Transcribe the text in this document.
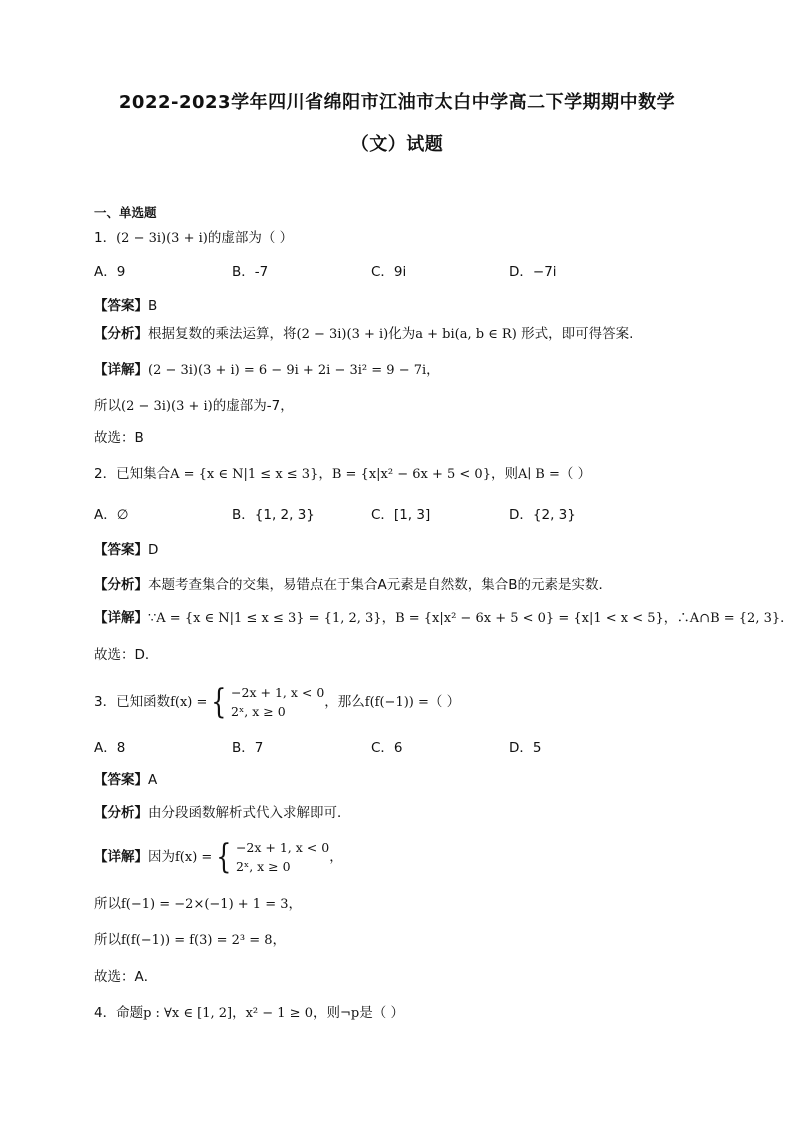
2022-2023学年四川省绵阳市江油市太白中学高二下学期期中数学
（文）试题
一、单选题
1．(2 − 3i)(3 + i)的虚部为（ ）
A．9	B．-7	C．9i	D．−7i
【答案】B
【分析】根据复数的乘法运算，将(2 − 3i)(3 + i)化为a + bi(a, b ∈ R) 形式，即可得答案.
【详解】(2 − 3i)(3 + i) = 6 − 9i + 2i − 3i² = 9 − 7i，
所以(2 − 3i)(3 + i)的虚部为-7，
故选：B
2．已知集合A = {x ∈ N|1 ≤ x ≤ 3}，B = {x|x² − 6x + 5 < 0}，则A∣ B =（ ）
A．∅	B．{1, 2, 3}	C．[1, 3]	D．{2, 3}
【答案】D
【分析】本题考查集合的交集，易错点在于集合A元素是自然数，集合B的元素是实数．
【详解】∵A = {x ∈ N|1 ≤ x ≤ 3} = {1, 2, 3}，B = {x|x² − 6x + 5 < 0} = {x|1 < x < 5}，∴A∩B = {2, 3}．
故选：D．
3．已知函数f(x) = { −2x + 1, x < 0
2ˣ, x ≥ 0
，那么f(f(−1)) =（ ）
A．8	B．7	C．6	D．5
【答案】A
【分析】由分段函数解析式代入求解即可．
【详解】因为f(x) = { −2x + 1, x < 0
2ˣ, x ≥ 0
，
所以f(−1) = −2×(−1) + 1 = 3，
所以f(f(−1)) = f(3) = 2³ = 8，
故选：A．
4．命题p : ∀x ∈ [1, 2]，x² − 1 ≥ 0，则¬p是（ ）
